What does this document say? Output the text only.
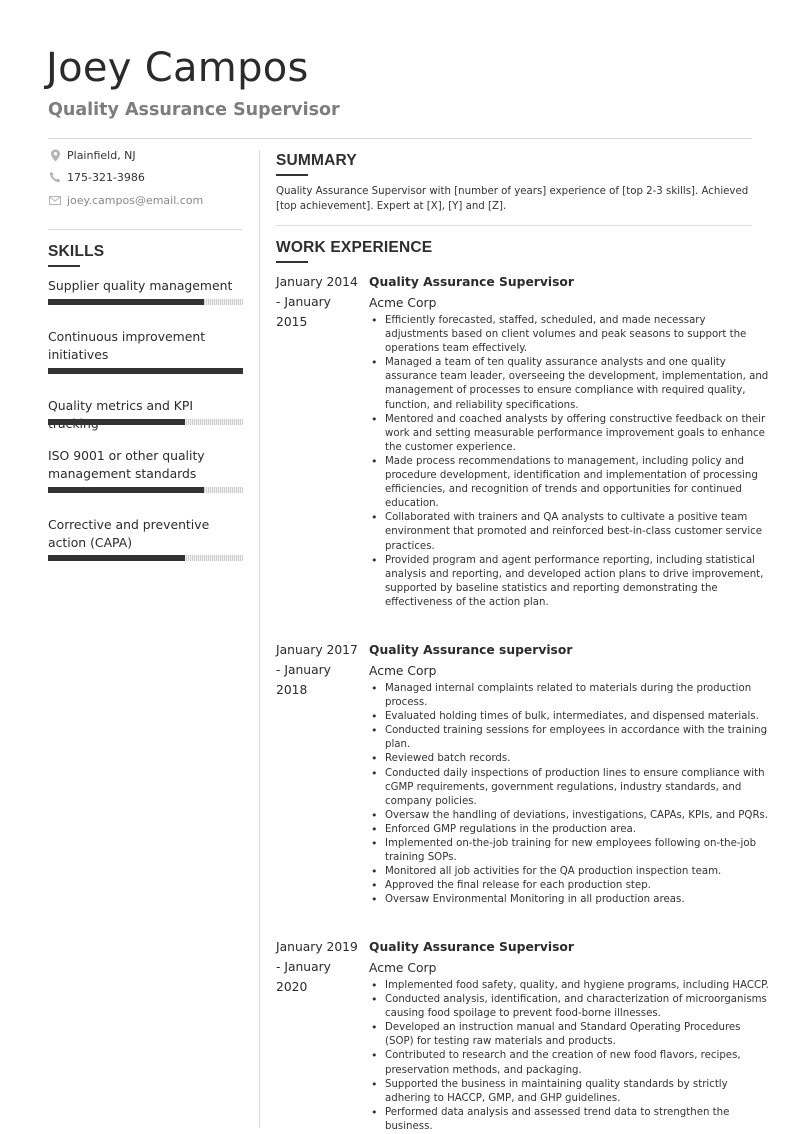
Joey Campos
Quality Assurance Supervisor
Plainfield, NJ
175-321-3986
joey.campos@email.com
SKILLS
Supplier quality management
Continuous improvement initiatives
Quality metrics and KPI
ISO 9001 or other quality management standards
Corrective and preventive action (CAPA)
SUMMARY
Quality Assurance Supervisor with [number of years] experience of [top 2-3 skills]. Achieved [top achievement]. Expert at [X], [Y] and [Z].
WORK EXPERIENCE
January 2014 - January 2015
Quality Assurance Supervisor
Acme Corp
• Efficiently forecasted, staffed, scheduled, and made necessary adjustments based on client volumes and peak seasons to support the operations team effectively.
• Managed a team of ten quality assurance analysts and one quality assurance team leader, overseeing the development, implementation, and management of processes to ensure compliance with required quality, function, and reliability specifications.
• Mentored and coached analysts by offering constructive feedback on their work and setting measurable performance improvement goals to enhance the customer experience.
• Made process recommendations to management, including policy and procedure development, identification and implementation of processing efficiencies, and recognition of trends and opportunities for continued education.
• Collaborated with trainers and QA analysts to cultivate a positive team environment that promoted and reinforced best-in-class customer service practices.
• Provided program and agent performance reporting, including statistical analysis and reporting, and developed action plans to drive improvement, supported by baseline statistics and reporting demonstrating the effectiveness of the action plan.
January 2017 - January 2018
Quality Assurance supervisor
Acme Corp
• Managed internal complaints related to materials during the production process.
• Evaluated holding times of bulk, intermediates, and dispensed materials.
• Conducted training sessions for employees in accordance with the training plan.
• Reviewed batch records.
• Conducted daily inspections of production lines to ensure compliance with cGMP requirements, government regulations, industry standards, and company policies.
• Oversaw the handling of deviations, investigations, CAPAs, KPIs, and PQRs.
• Enforced GMP regulations in the production area.
• Implemented on-the-job training for new employees following on-the-job training SOPs.
• Monitored all job activities for the QA production inspection team.
• Approved the final release for each production step.
• Oversaw Environmental Monitoring in all production areas.
January 2019 - January 2020
Quality Assurance Supervisor
Acme Corp
• Implemented food safety, quality, and hygiene programs, including HACCP.
• Conducted analysis, identification, and characterization of microorganisms causing food spoilage to prevent food-borne illnesses.
• Developed an instruction manual and Standard Operating Procedures (SOP) for testing raw materials and products.
• Contributed to research and the creation of new food flavors, recipes, preservation methods, and packaging.
• Supported the business in maintaining quality standards by strictly adhering to HACCP, GMP, and GHP guidelines.
• Performed data analysis and assessed trend data to strengthen the business.
